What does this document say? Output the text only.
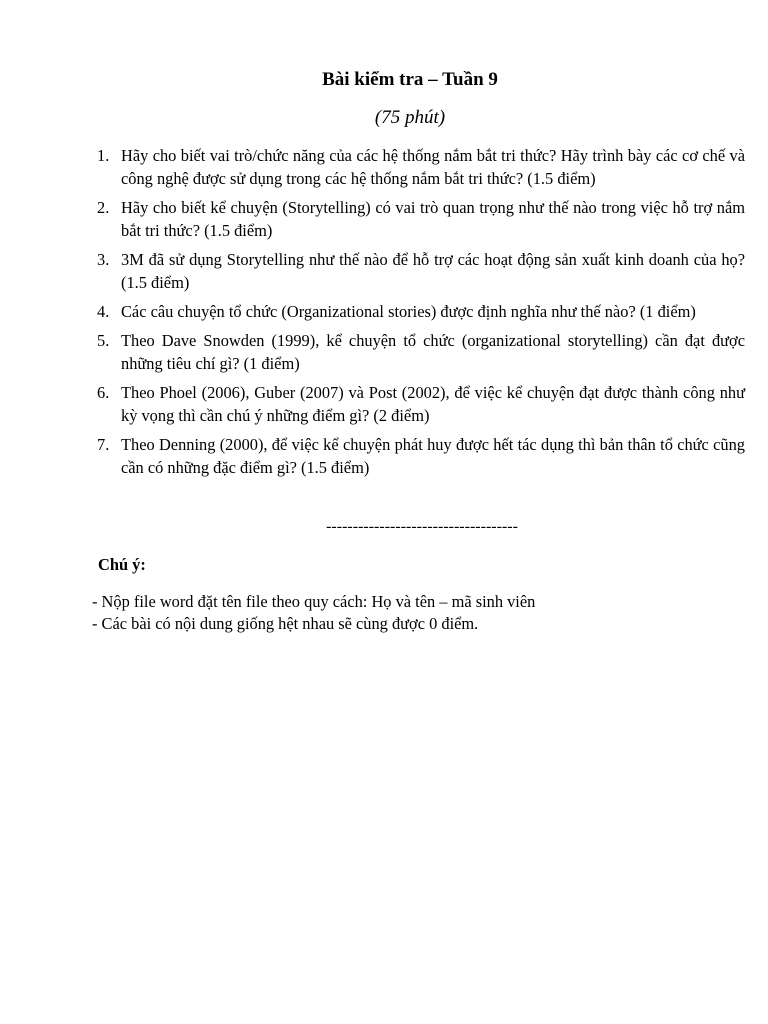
Bài kiểm tra – Tuần 9
(75 phút)
1. Hãy cho biết vai trò/chức năng của các hệ thống nắm bắt tri thức? Hãy trình bày các cơ chế và công nghệ được sử dụng trong các hệ thống nắm bắt tri thức? (1.5 điểm)
2. Hãy cho biết kể chuyện (Storytelling) có vai trò quan trọng như thế nào trong việc hỗ trợ nắm bắt tri thức? (1.5 điểm)
3. 3M đã sử dụng Storytelling như thế nào để hỗ trợ các hoạt động sản xuất kinh doanh của họ? (1.5 điểm)
4. Các câu chuyện tổ chức (Organizational stories) được định nghĩa như thế nào? (1 điểm)
5. Theo Dave Snowden (1999), kể chuyện tổ chức (organizational storytelling) cần đạt được những tiêu chí gì? (1 điểm)
6. Theo Phoel (2006), Guber (2007) và Post (2002), để việc kể chuyện đạt được thành công như kỳ vọng thì cần chú ý những điểm gì? (2 điểm)
7. Theo Denning (2000), để việc kể chuyện phát huy được hết tác dụng thì bản thân tổ chức cũng cần có những đặc điểm gì? (1.5 điểm)
------------------------------------
Chú ý:
- Nộp file word đặt tên file theo quy cách: Họ và tên – mã sinh viên
- Các bài có nội dung giống hệt nhau sẽ cùng được 0 điểm.
